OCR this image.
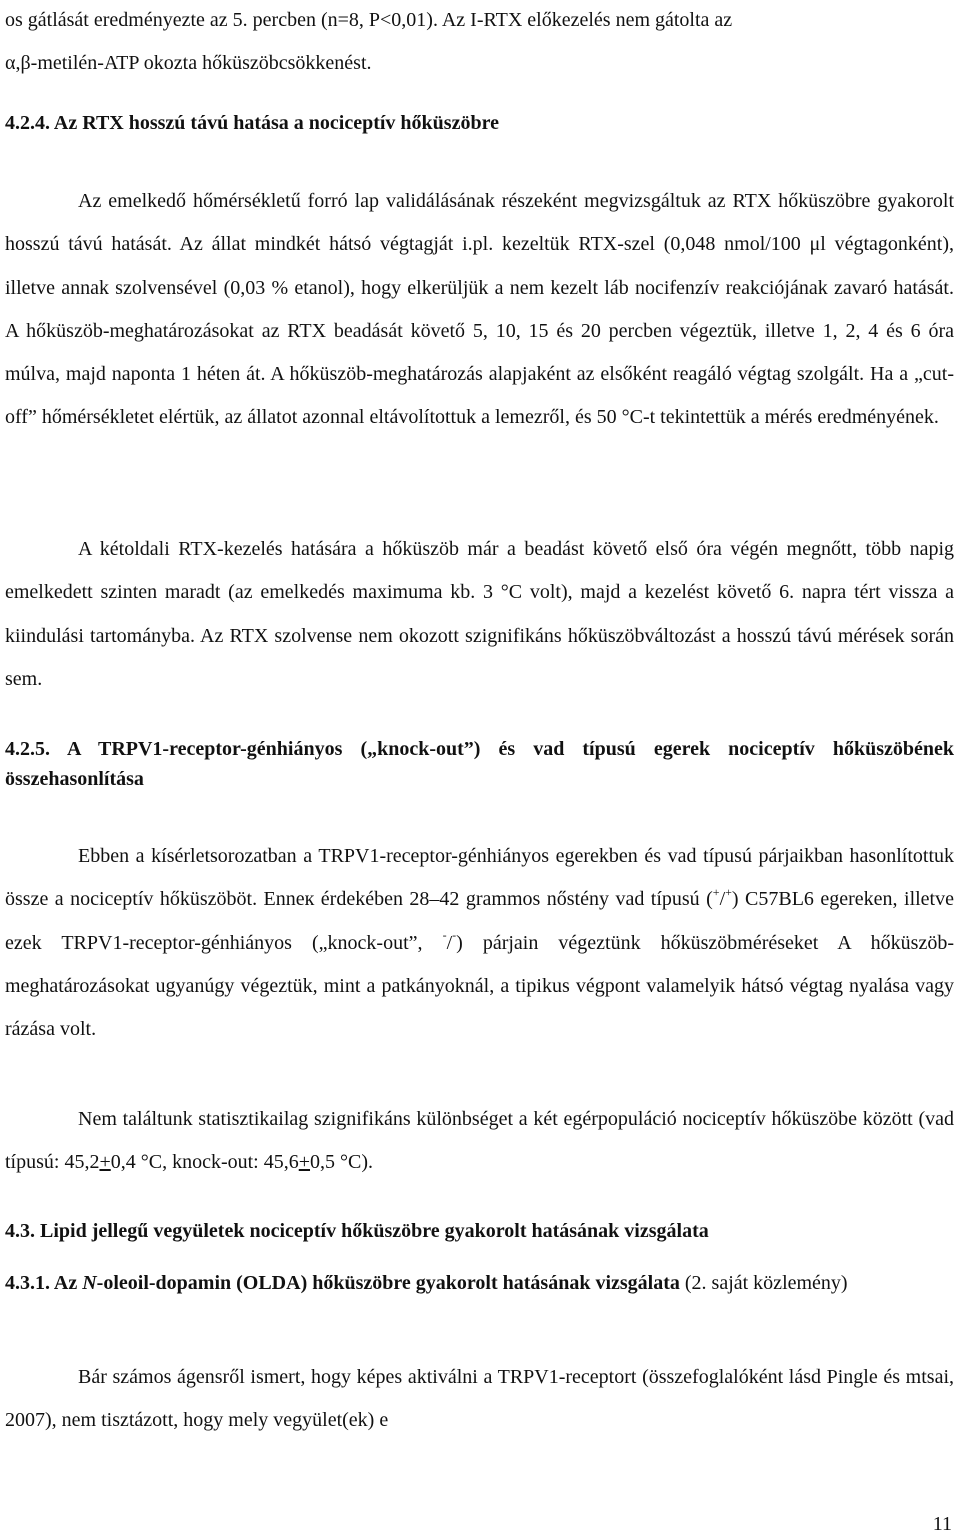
os gátlását eredményezte az 5. percben (n=8, P<0,01). Az I-RTX előkezelés nem gátolta az
α,β-metilén-ATP okozta hőküszöbcsökkenést.

4.2.4. Az RTX hosszú távú hatása a nociceptív hőküszöbre

Az emelkedő hőmérsékletű forró lap validálásának részeként megvizsgáltuk az RTX hőküszöbre gyakorolt hosszú távú hatását. Az állat mindkét hátsó végtagját i.pl. kezeltük RTX-szel (0,048 nmol/100 μl végtagonként), illetve annak szolvensével (0,03 % etanol), hogy elkerüljük a nem kezelt láb nocifenzív reakciójának zavaró hatását. A hőküszöb-meghatározásokat az RTX beadását követő 5, 10, 15 és 20 percben végeztük, illetve 1, 2, 4 és 6 óra múlva, majd naponta 1 héten át. A hőküszöb-meghatározás alapjaként az elsőként reagáló végtag szolgált. Ha a „cut-off” hőmérsékletet elértük, az állatot azonnal eltávolítottuk a lemezről, és 50 °C-t tekintettük a mérés eredményének.

A kétoldali RTX-kezelés hatására a hőküszöb már a beadást követő első óra végén megnőtt, több napig emelkedett szinten maradt (az emelkedés maximuma kb. 3 °C volt), majd a kezelést követő 6. napra tért vissza a kiindulási tartományba. Az RTX szolvense nem okozott szignifikáns hőküszöbváltozást a hosszú távú mérések során sem.

4.2.5. A TRPV1-receptor-génhiányos („knock-out”) és vad típusú egerek nociceptív hőküszöbének összehasonlítása

Ebben a kísérletsorozatban a TRPV1-receptor-génhiányos egerekben és vad típusú párjaikban hasonlítottuk össze a nociceptív hőküszöböt. Enneк érdekében 28–42 grammos nőstény vad típusú (+/+) C57BL6 egereken, illetve ezek TRPV1-receptor-génhiányos („knock-out”, -/-) párjain végeztünk hőküszöbméréseket A hőküszöb-meghatározásokat ugyanúgy végeztük, mint a patkányoknál, a tipikus végpont valamelyik hátsó végtag nyalása vagy rázása volt.

Nem találtunk statisztikailag szignifikáns különbséget a két egérpopuláció nociceptív hőküszöbe között (vad típusú: 45,2+0,4 °C, knock-out: 45,6+0,5 °C).

4.3. Lipid jellegű vegyületek nociceptív hőküszöbre gyakorolt hatásának vizsgálata

4.3.1. Az N-oleoil-dopamin (OLDA) hőküszöbre gyakorolt hatásának vizsgálata (2. saját közlemény)

Bár számos ágensről ismert, hogy képes aktiválni a TRPV1-receptort (összefoglalóként lásd Pingle és mtsai, 2007), nem tisztázott, hogy mely vegyület(ek) e

11
